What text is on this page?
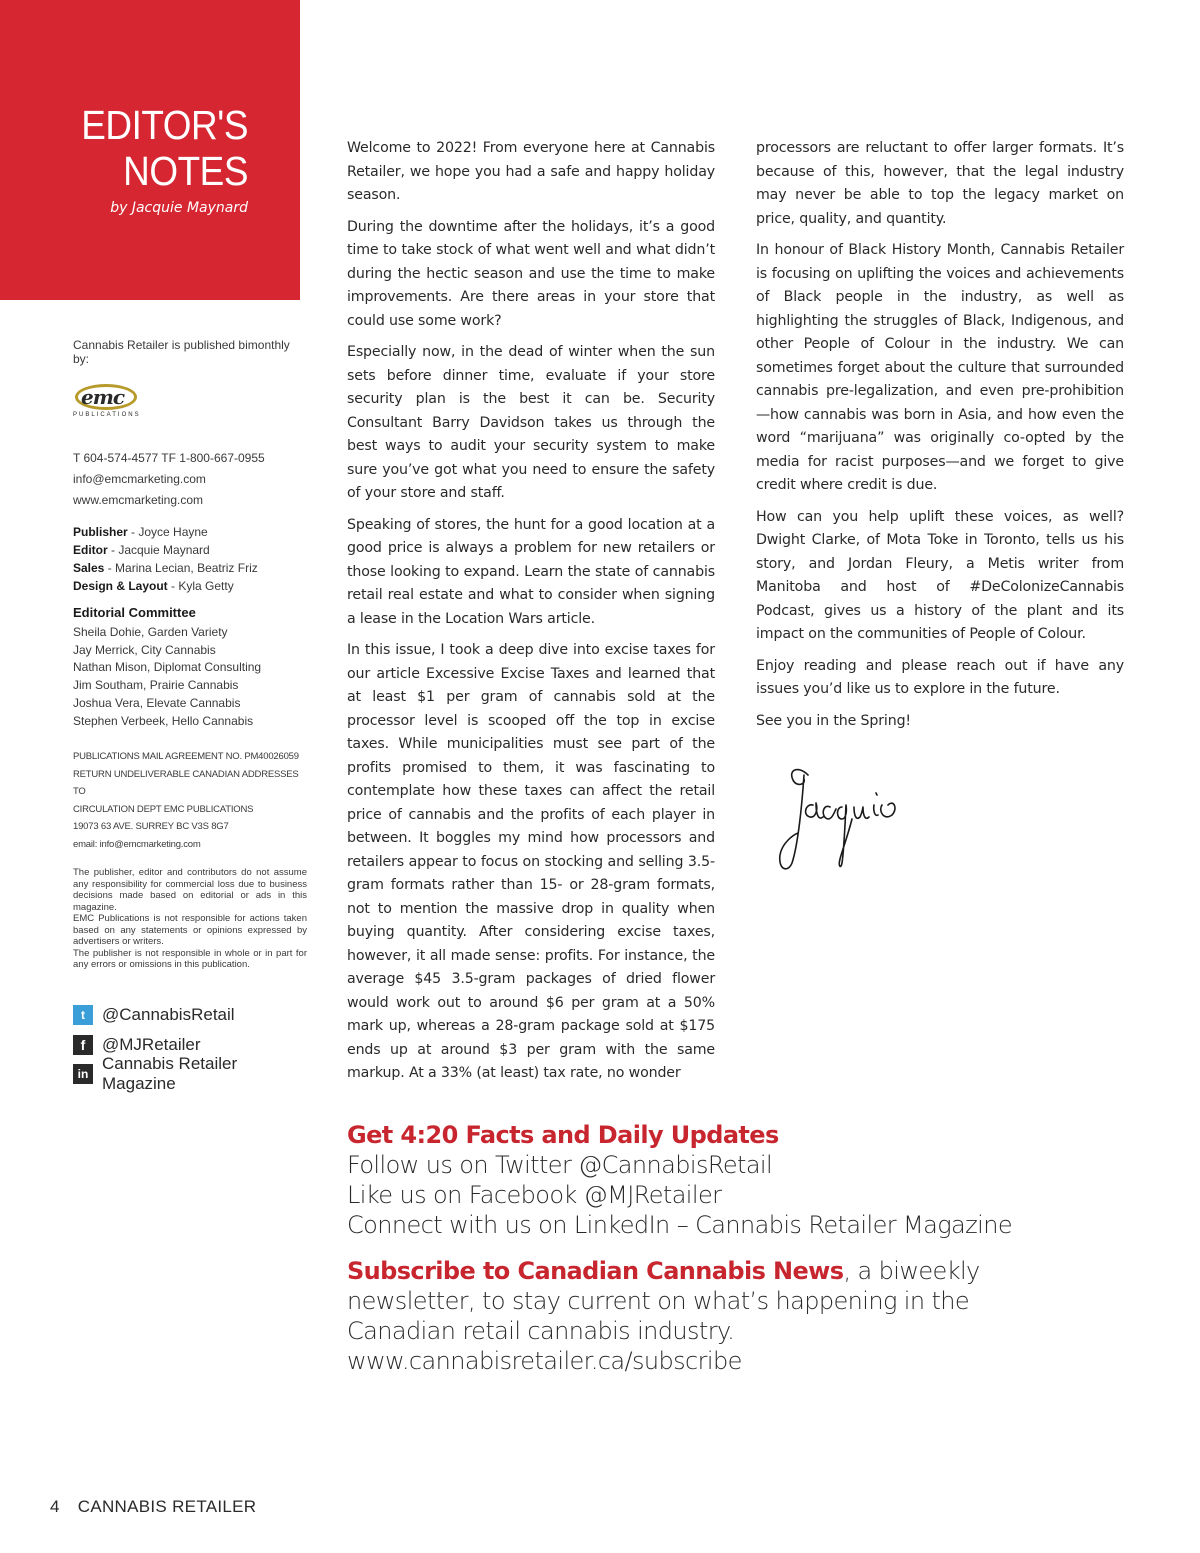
EDITOR'S
NOTES
by Jacquie Maynard
Cannabis Retailer is published bimonthly by:
emc
PUBLICATIONS
T 604-574-4577 TF 1-800-667-0955
info@emcmarketing.com
www.emcmarketing.com
Publisher - Joyce Hayne
Editor - Jacquie Maynard
Sales - Marina Lecian, Beatriz Friz
Design & Layout - Kyla Getty
Editorial Committee
Sheila Dohie, Garden Variety
Jay Merrick, City Cannabis
Nathan Mison, Diplomat Consulting
Jim Southam, Prairie Cannabis
Joshua Vera, Elevate Cannabis
Stephen Verbeek, Hello Cannabis
PUBLICATIONS MAIL AGREEMENT NO. PM40026059
RETURN UNDELIVERABLE CANADIAN ADDRESSES TO
CIRCULATION DEPT EMC PUBLICATIONS
19073 63 AVE. SURREY BC V3S 8G7
email: info@emcmarketing.com
The publisher, editor and contributors do not assume any responsibility for commercial loss due to business decisions made based on editorial or ads in this magazine.
EMC Publications is not responsible for actions taken based on any statements or opinions expressed by advertisers or writers.
The publisher is not responsible in whole or in part for any errors or omissions in this publication.
t	@CannabisRetail
f @MJRetailer
in
Cannabis Retailer Magazine

Welcome to 2022! From everyone here at Cannabis Retailer, we hope you had a safe and happy holiday season.

During the downtime after the holidays, it’s a good time to take stock of what went well and what didn’t during the hectic season and use the time to make improvements. Are there areas in your store that could use some work?

Especially now, in the dead of winter when the sun sets before dinner time, evaluate if your store security plan is the best it can be. Security Consultant Barry Davidson takes us through the best ways to audit your security system to make sure you’ve got what you need to ensure the safety of your store and staff.

Speaking of stores, the hunt for a good location at a good price is always a problem for new retailers or those looking to expand. Learn the state of cannabis retail real estate and what to consider when signing a lease in the Location Wars article.

In this issue, I took a deep dive into excise taxes for our article Excessive Excise Taxes and learned that at least $1 per gram of cannabis sold at the processor level is scooped off the top in excise taxes. While municipalities must see part of the profits promised to them, it was fascinating to contemplate how these taxes can affect the retail price of cannabis and the profits of each player in between. It boggles my mind how processors and retailers appear to focus on stocking and selling 3.5-gram formats rather than 15- or 28-gram formats, not to mention the massive drop in quality when buying quantity. After considering excise taxes, however, it all made sense: profits. For instance, the average $45 3.5-gram packages of dried flower would work out to around $6 per gram at a 50% mark up, whereas a 28-gram package sold at $175 ends up at around $3 per gram with the same markup. At a 33% (at least) tax rate, no wonder

processors are reluctant to offer larger formats. It’s because of this, however, that the legal industry may never be able to top the legacy market on price, quality, and quantity.

In honour of Black History Month, Cannabis Retailer is focusing on uplifting the voices and achievements of Black people in the industry, as well as highlighting the struggles of Black, Indigenous, and other People of Colour in the industry. We can sometimes forget about the culture that surrounded cannabis pre-legalization, and even pre-prohibition—how cannabis was born in Asia, and how even the word “marijuana” was originally co-opted by the media for racist purposes—and we forget to give credit where credit is due.

How can you help uplift these voices, as well? Dwight Clarke, of Mota Toke in Toronto, tells us his story, and Jordan Fleury, a Metis writer from Manitoba and host of #DeColonizeCannabis Podcast, gives us a history of the plant and its impact on the communities of People of Colour.

Enjoy reading and please reach out if have any issues you’d like us to explore in the future.

See you in the Spring!

Get 4:20 Facts and Daily Updates
Follow us on Twitter @CannabisRetail
Like us on Facebook @MJRetailer
Connect with us on LinkedIn – Cannabis Retailer Magazine
Subscribe to Canadian Cannabis News, a biweekly
newsletter, to stay current on what’s happening in the
Canadian retail cannabis industry.
www.cannabisretailer.ca/subscribe
4 CANNABIS RETAILER
